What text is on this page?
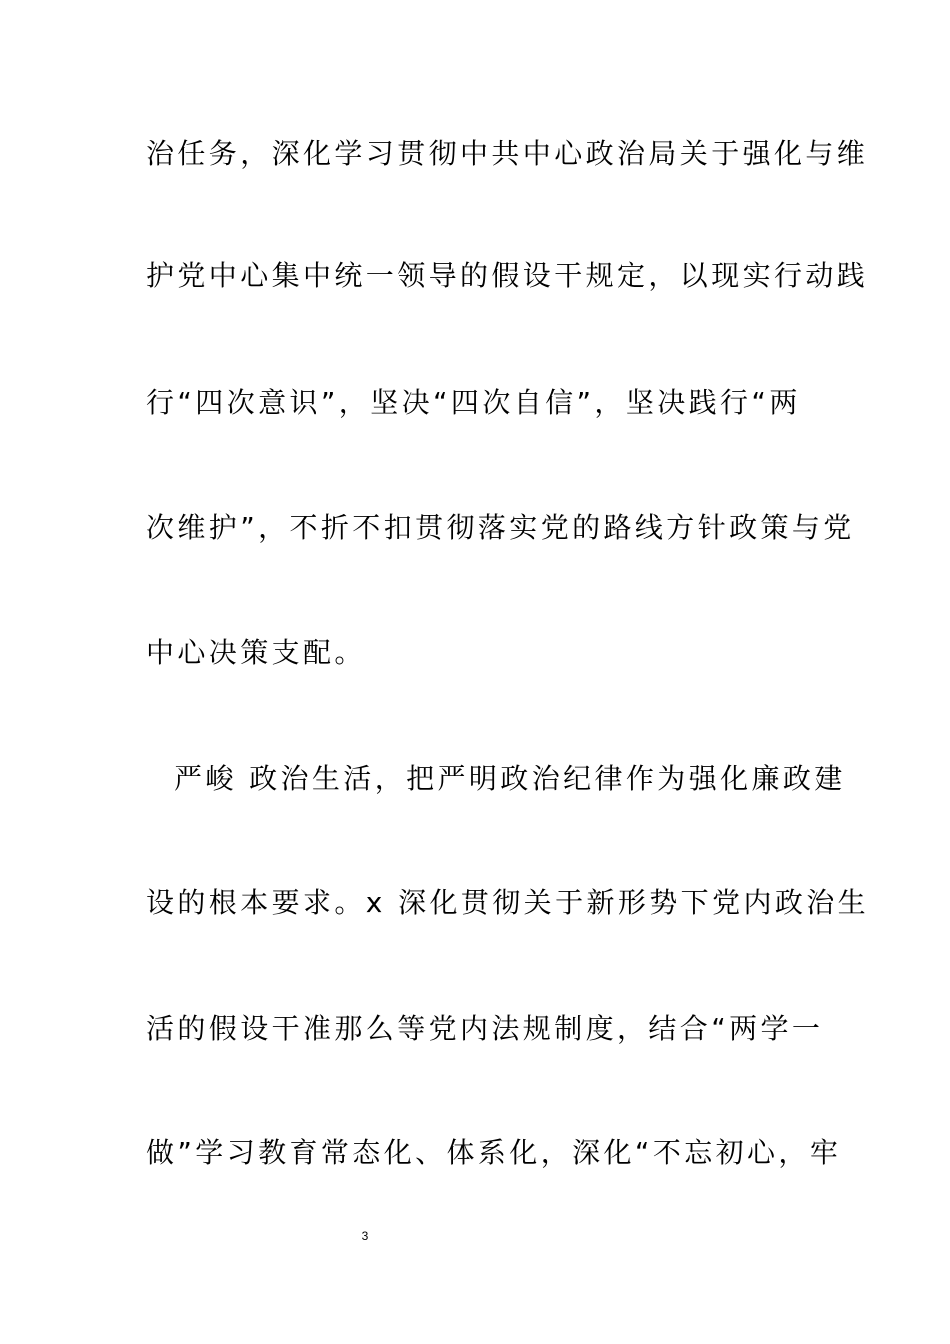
治任务，深化学习贯彻中共中心政治局关于强化与维
护党中心集中统一领导的假设干规定，以现实行动践
行“四次意识”，坚决“四次自信”，坚决践行“两
次维护”，不折不扣贯彻落实党的路线方针政策与党
中心决策支配。
严峻 政治生活，把严明政治纪律作为强化廉政建
设的根本要求。x 深化贯彻关于新形势下党内政治生
活的假设干准那么等党内法规制度，结合“两学一
做”学习教育常态化、体系化，深化“不忘初心，牢
3
